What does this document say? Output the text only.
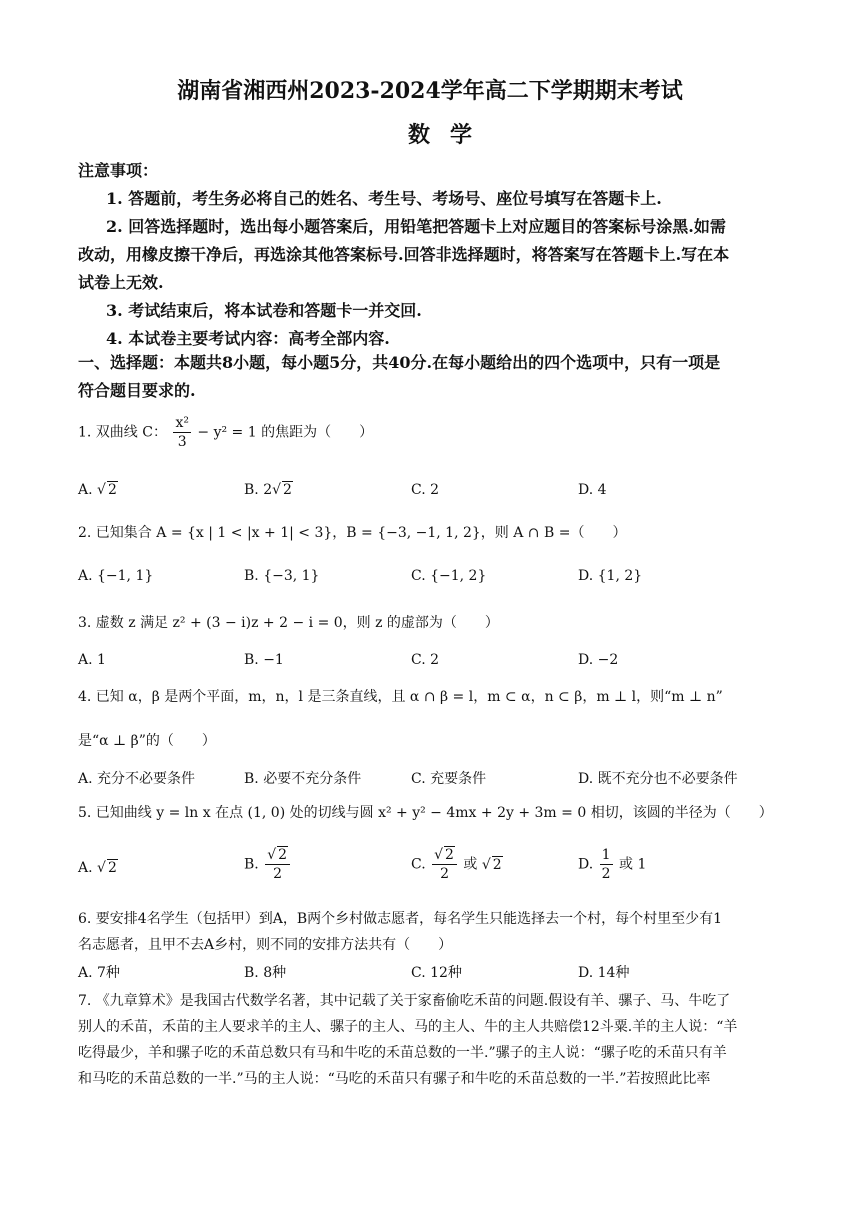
湖南省湘西州2023-2024学年高二下学期期末考试
数学
注意事项：
1. 答题前，考生务必将自己的姓名、考生号、考场号、座位号填写在答题卡上.
2. 回答选择题时，选出每小题答案后，用铅笔把答题卡上对应题目的答案标号涂黑.如需
改动，用橡皮擦干净后，再选涂其他答案标号.回答非选择题时，将答案写在答题卡上.写在本
试卷上无效.
3. 考试结束后，将本试卷和答题卡一并交回.
4. 本试卷主要考试内容：高考全部内容.
一、选择题：本题共8小题，每小题5分，共40分.在每小题给出的四个选项中，只有一项是
符合题目要求的.
1. 双曲线 C： $\frac{\text{x²}}{3} - y^2 = 1$ 的焦距为（　　）
A. √ 2	B. 2√ 2	C. 2	D. 4
2. 已知集合 A = {x | 1 < |x + 1| < 3}，B = {−3, −1, 1, 2}，则 A ∩ B =（　　）
A. {−1, 1}	B. {−3, 1}	C. {−1, 2}	D. {1, 2}
3. 虚数 z 满足 z² + (3 − i)z + 2 − i = 0，则 z 的虚部为（　　）
A. 1	B. −1	C. 2	D. −2
4. 已知 α，β 是两个平面，m，n，l 是三条直线，且 α ∩ β = l，m ⊂ α，n ⊂ β，m ⊥ l，则“m ⊥ n”
是“α ⊥ β”的（　　）
A. 充分不必要条件	B. 必要不充分条件	C. 充要条件	D. 既不充分也不必要条件
5. 已知曲线 y = ln x 在点 (1, 0) 处的切线与圆 x² + y² − 4mx + 2y + 3m = 0 相切，该圆的半径为（　　）
A. √ 2	B. $\frac{√ 2}{2}$	C. $\frac{√ 2}{2}$ 或 √ 2	D. $\frac{1}{2}$ 或 1
6. 要安排4名学生（包括甲）到A，B两个乡村做志愿者，每名学生只能选择去一个村，每个村里至少有1
名志愿者，且甲不去A乡村，则不同的安排方法共有（　　）
A. 7种	B. 8种	C. 12种	D. 14种
7. 《九章算术》是我国古代数学名著，其中记载了关于家畜偷吃禾苗的问题.假设有羊、骡子、马、牛吃了
别人的禾苗，禾苗的主人要求羊的主人、骡子的主人、马的主人、牛的主人共赔偿12斗粟.羊的主人说：“羊
吃得最少，羊和骡子吃的禾苗总数只有马和牛吃的禾苗总数的一半.”骡子的主人说：“骡子吃的禾苗只有羊
和马吃的禾苗总数的一半.”马的主人说：“马吃的禾苗只有骡子和牛吃的禾苗总数的一半.”若按照此比率
